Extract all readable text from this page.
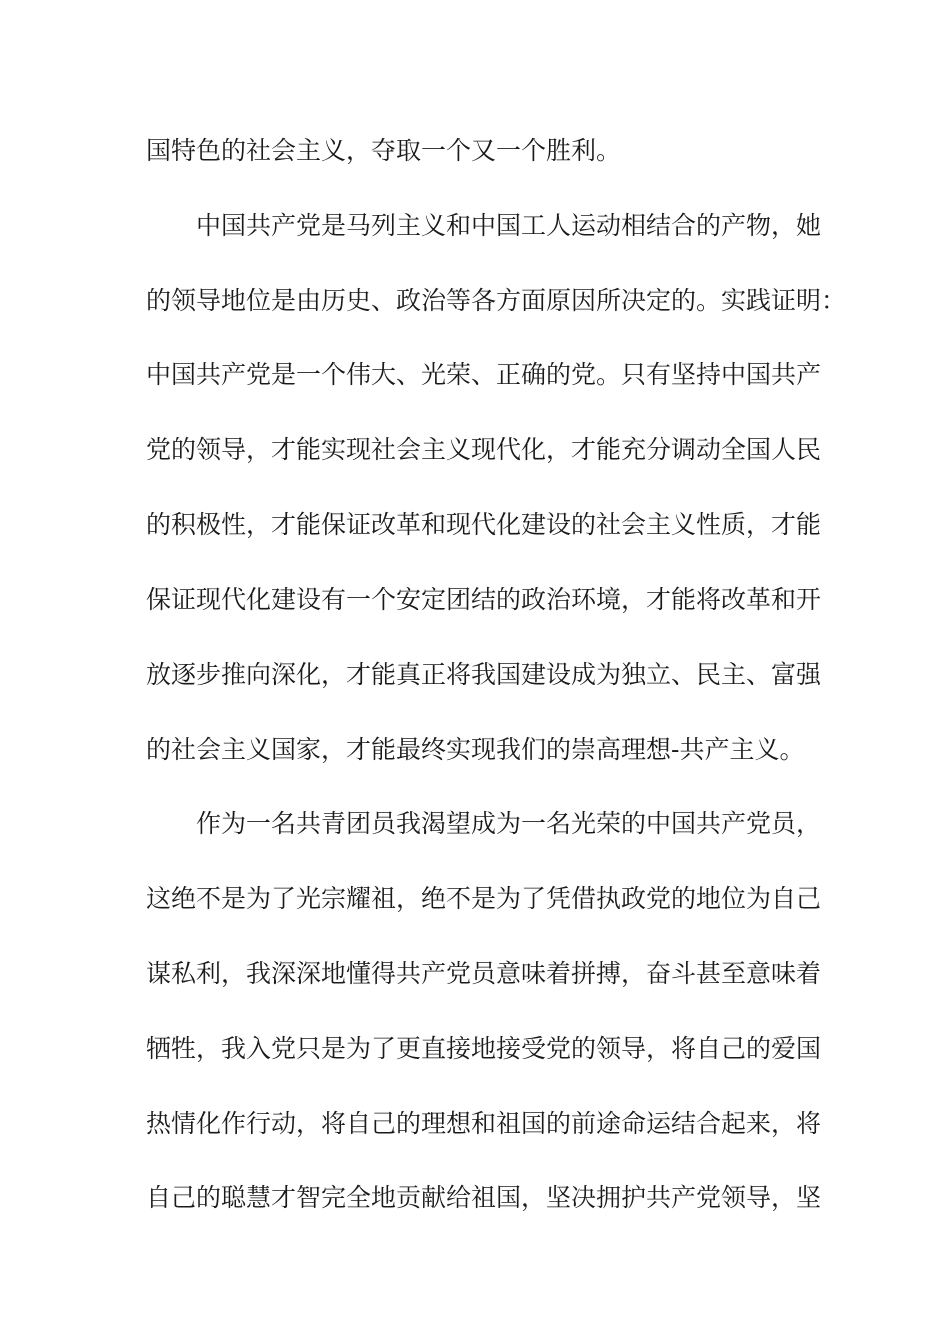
国特色的社会主义，夺取一个又一个胜利。
中国共产党是马列主义和中国工人运动相结合的产物，她
的领导地位是由历史、政治等各方面原因所决定的。实践证明：
中国共产党是一个伟大、光荣、正确的党。只有坚持中国共产
党的领导，才能实现社会主义现代化，才能充分调动全国人民
的积极性，才能保证改革和现代化建设的社会主义性质，才能
保证现代化建设有一个安定团结的政治环境，才能将改革和开
放逐步推向深化，才能真正将我国建设成为独立、民主、富强
的社会主义国家，才能最终实现我们的崇高理想-共产主义。
作为一名共青团员我渴望成为一名光荣的中国共产党员，
这绝不是为了光宗耀祖，绝不是为了凭借执政党的地位为自己
谋私利，我深深地懂得共产党员意味着拼搏，奋斗甚至意味着
牺牲，我入党只是为了更直接地接受党的领导，将自己的爱国
热情化作行动，将自己的理想和祖国的前途命运结合起来，将
自己的聪慧才智完全地贡献给祖国，坚决拥护共产党领导，坚
